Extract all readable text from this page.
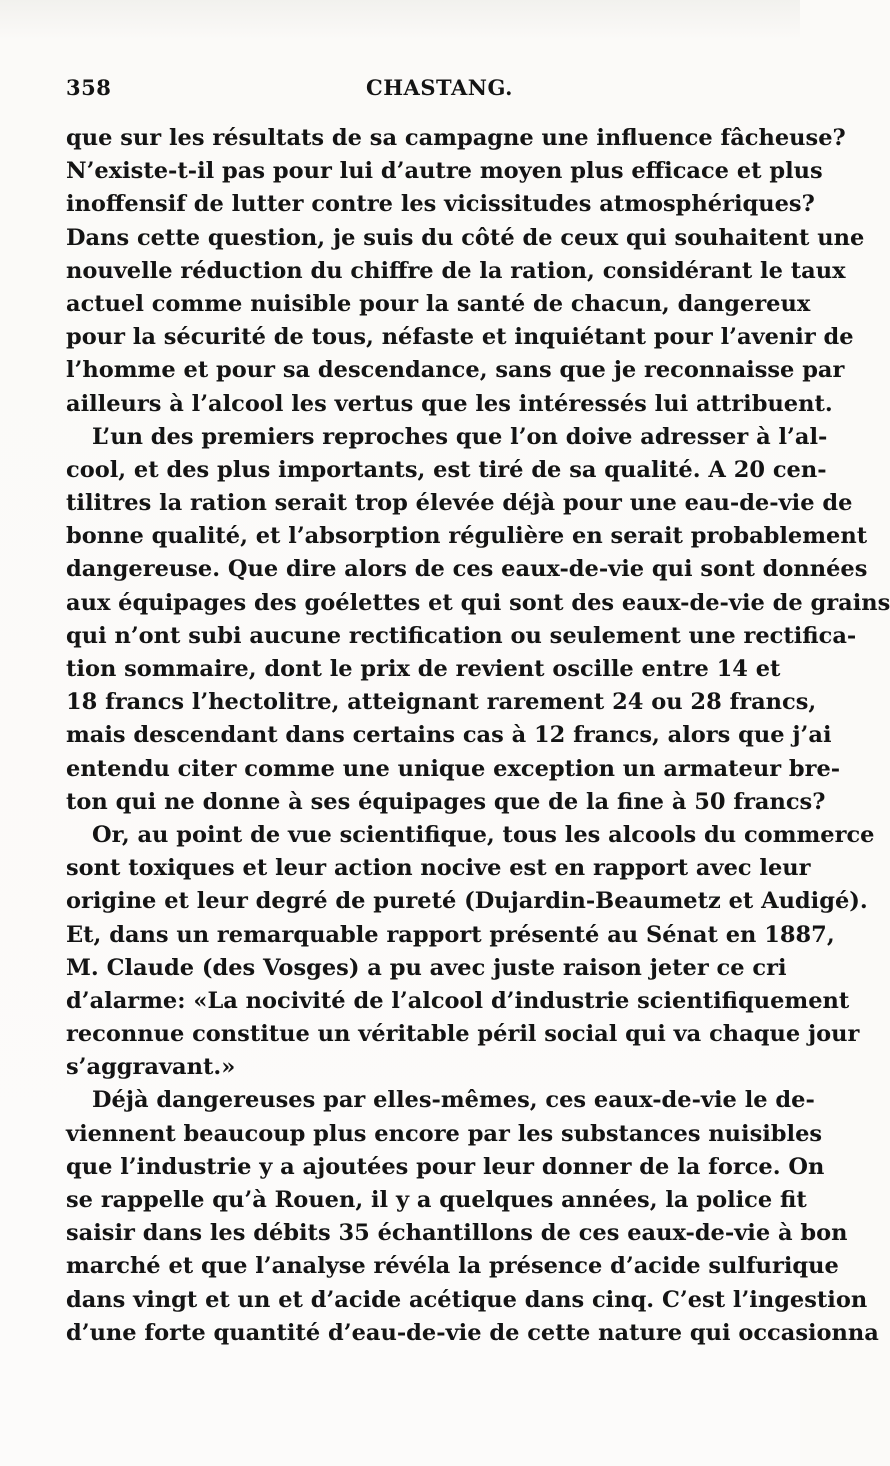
358	CHASTANG.
que sur les résultats de sa campagne une influence fâcheuse?
N’existe-t-il pas pour lui d’autre moyen plus efficace et plus
inoffensif de lutter contre les vicissitudes atmosphériques?
Dans cette question, je suis du côté de ceux qui souhaitent une
nouvelle réduction du chiffre de la ration, considérant le taux
actuel comme nuisible pour la santé de chacun, dangereux
pour la sécurité de tous, néfaste et inquiétant pour l’avenir de
l’homme et pour sa descendance, sans que je reconnaisse par
ailleurs à l’alcool les vertus que les intéressés lui attribuent.
L’un des premiers reproches que l’on doive adresser à l’al-
cool, et des plus importants, est tiré de sa qualité. A 20 cen-
tilitres la ration serait trop élevée déjà pour une eau-de-vie de
bonne qualité, et l’absorption régulière en serait probablement
dangereuse. Que dire alors de ces eaux-de-vie qui sont données
aux équipages des goélettes et qui sont des eaux-de-vie de grains
qui n’ont subi aucune rectification ou seulement une rectifica-
tion sommaire, dont le prix de revient oscille entre 14 et
18 francs l’hectolitre, atteignant rarement 24 ou 28 francs,
mais descendant dans certains cas à 12 francs, alors que j’ai
entendu citer comme une unique exception un armateur bre-
ton qui ne donne à ses équipages que de la fine à 50 francs?
Or, au point de vue scientifique, tous les alcools du commerce
sont toxiques et leur action nocive est en rapport avec leur
origine et leur degré de pureté (Dujardin-Beaumetz et Audigé).
Et, dans un remarquable rapport présenté au Sénat en 1887,
M. Claude (des Vosges) a pu avec juste raison jeter ce cri
d’alarme: «La nocivité de l’alcool d’industrie scientifiquement
reconnue constitue un véritable péril social qui va chaque jour
s’aggravant.»
Déjà dangereuses par elles-mêmes, ces eaux-de-vie le de-
viennent beaucoup plus encore par les substances nuisibles
que l’industrie y a ajoutées pour leur donner de la force. On
se rappelle qu’à Rouen, il y a quelques années, la police fit
saisir dans les débits 35 échantillons de ces eaux-de-vie à bon
marché et que l’analyse révéla la présence d’acide sulfurique
dans vingt et un et d’acide acétique dans cinq. C’est l’ingestion
d’une forte quantité d’eau-de-vie de cette nature qui occasionna
